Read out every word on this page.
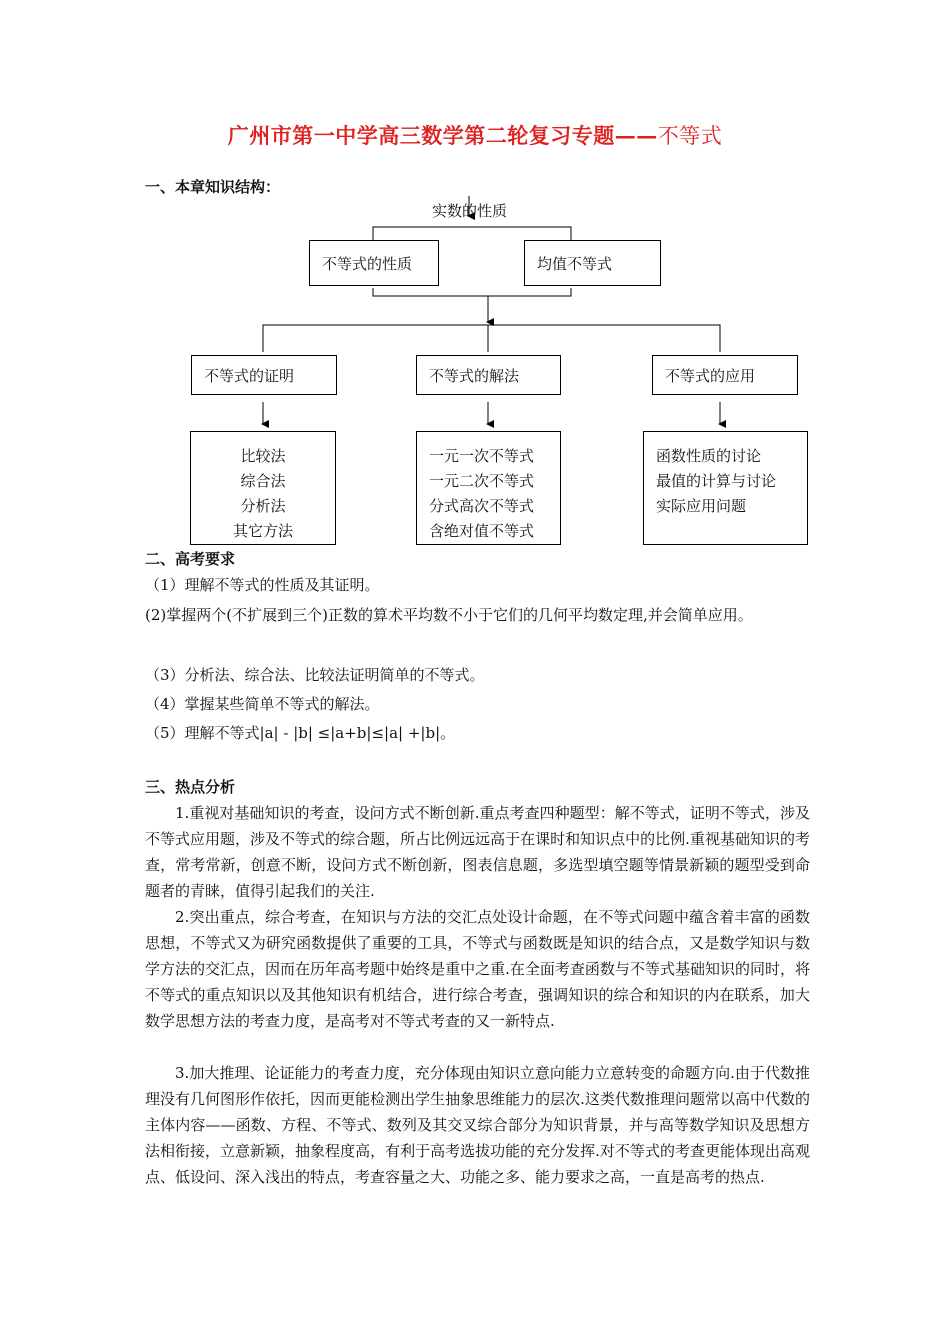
广州市第一中学高三数学第二轮复习专题——不等式
一、本章知识结构：
实数的性质
不等式的性质	均值不等式
不等式的证明	不等式的解法	不等式的应用
比较法
综合法
分析法
其它方法
一元一次不等式
一元二次不等式
分式高次不等式
含绝对值不等式
函数性质的讨论
最值的计算与讨论
实际应用问题
二、高考要求
（1）理解不等式的性质及其证明。
(2)掌握两个(不扩展到三个)正数的算术平均数不小于它们的几何平均数定理,并会简单应用。
（3）分析法、综合法、比较法证明简单的不等式。
（4）掌握某些简单不等式的解法。
（5）理解不等式|a| - |b| ≤|a+b|≤|a| +|b|。
三、热点分析
1.重视对基础知识的考查，设问方式不断创新.重点考查四种题型：解不等式，证明不等式，涉及不等式应用题，涉及不等式的综合题，所占比例远远高于在课时和知识点中的比例.重视基础知识的考查，常考常新，创意不断，设问方式不断创新，图表信息题，多选型填空题等情景新颖的题型受到命题者的青睐，值得引起我们的关注.
2.突出重点，综合考查，在知识与方法的交汇点处设计命题，在不等式问题中蕴含着丰富的函数思想，不等式又为研究函数提供了重要的工具，不等式与函数既是知识的结合点，又是数学知识与数学方法的交汇点，因而在历年高考题中始终是重中之重.在全面考查函数与不等式基础知识的同时，将不等式的重点知识以及其他知识有机结合，进行综合考查，强调知识的综合和知识的内在联系，加大数学思想方法的考查力度，是高考对不等式考查的又一新特点.
3.加大推理、论证能力的考查力度，充分体现由知识立意向能力立意转变的命题方向.由于代数推理没有几何图形作依托，因而更能检测出学生抽象思维能力的层次.这类代数推理问题常以高中代数的主体内容——函数、方程、不等式、数列及其交叉综合部分为知识背景，并与高等数学知识及思想方法相衔接，立意新颖，抽象程度高，有利于高考选拔功能的充分发挥.对不等式的考查更能体现出高观点、低设问、深入浅出的特点，考查容量之大、功能之多、能力要求之高，一直是高考的热点.
